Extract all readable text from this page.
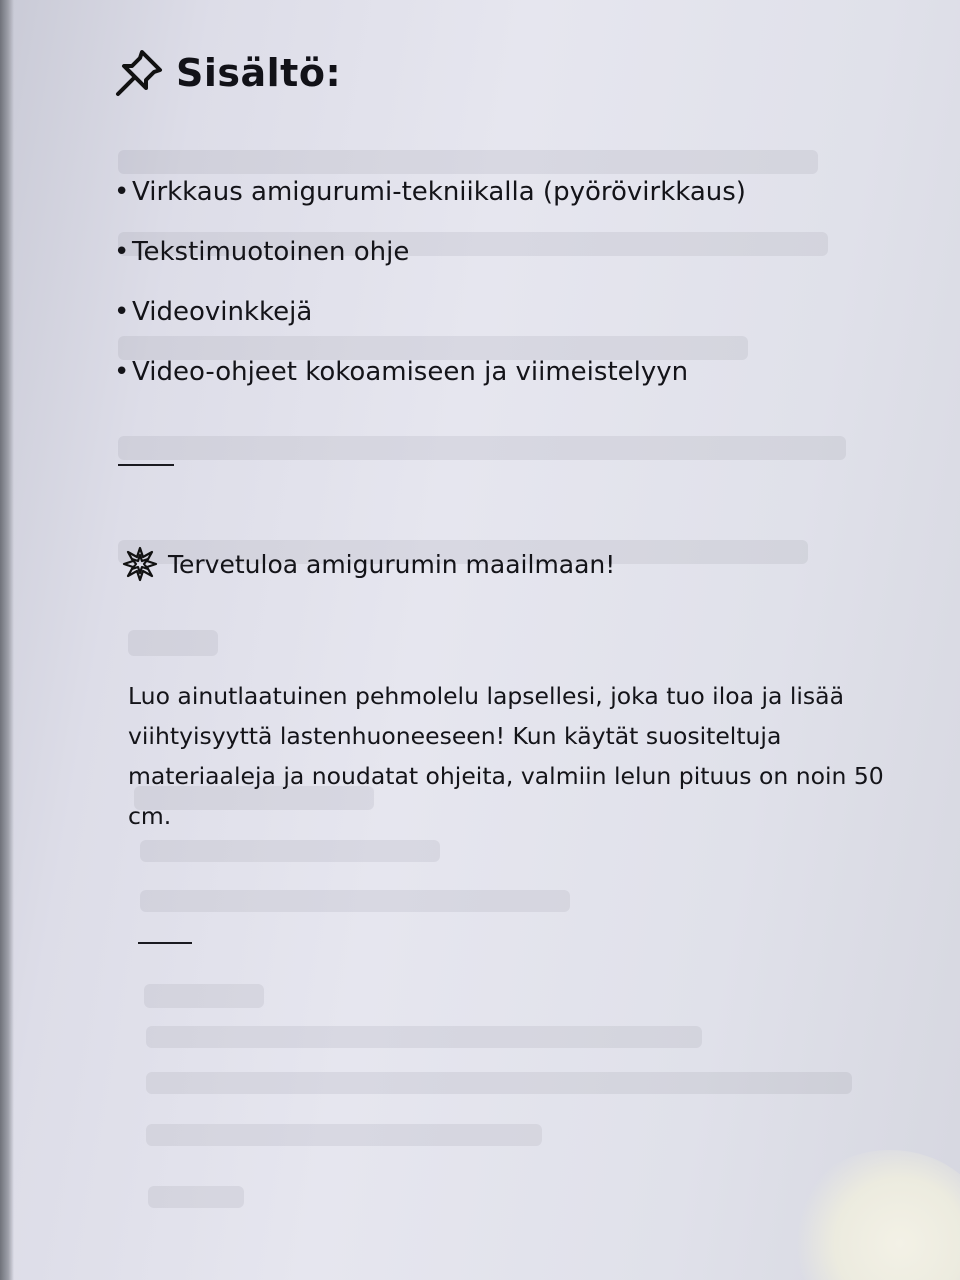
Sisältö:
• Virkkaus amigurumi-tekniikalla (pyörövirkkaus)
• Tekstimuotoinen ohje
• Videovinkkejä
• Video-ohjeet kokoamiseen ja viimeistelyyn
Tervetuloa amigurumin maailmaan!

Luo ainutlaatuinen pehmolelu lapsellesi, joka tuo iloa ja lisää viihtyisyyttä lastenhuoneeseen! Kun käytät suositeltuja materiaaleja ja noudatat ohjeita, valmiin lelun pituus on noin 50 cm.
